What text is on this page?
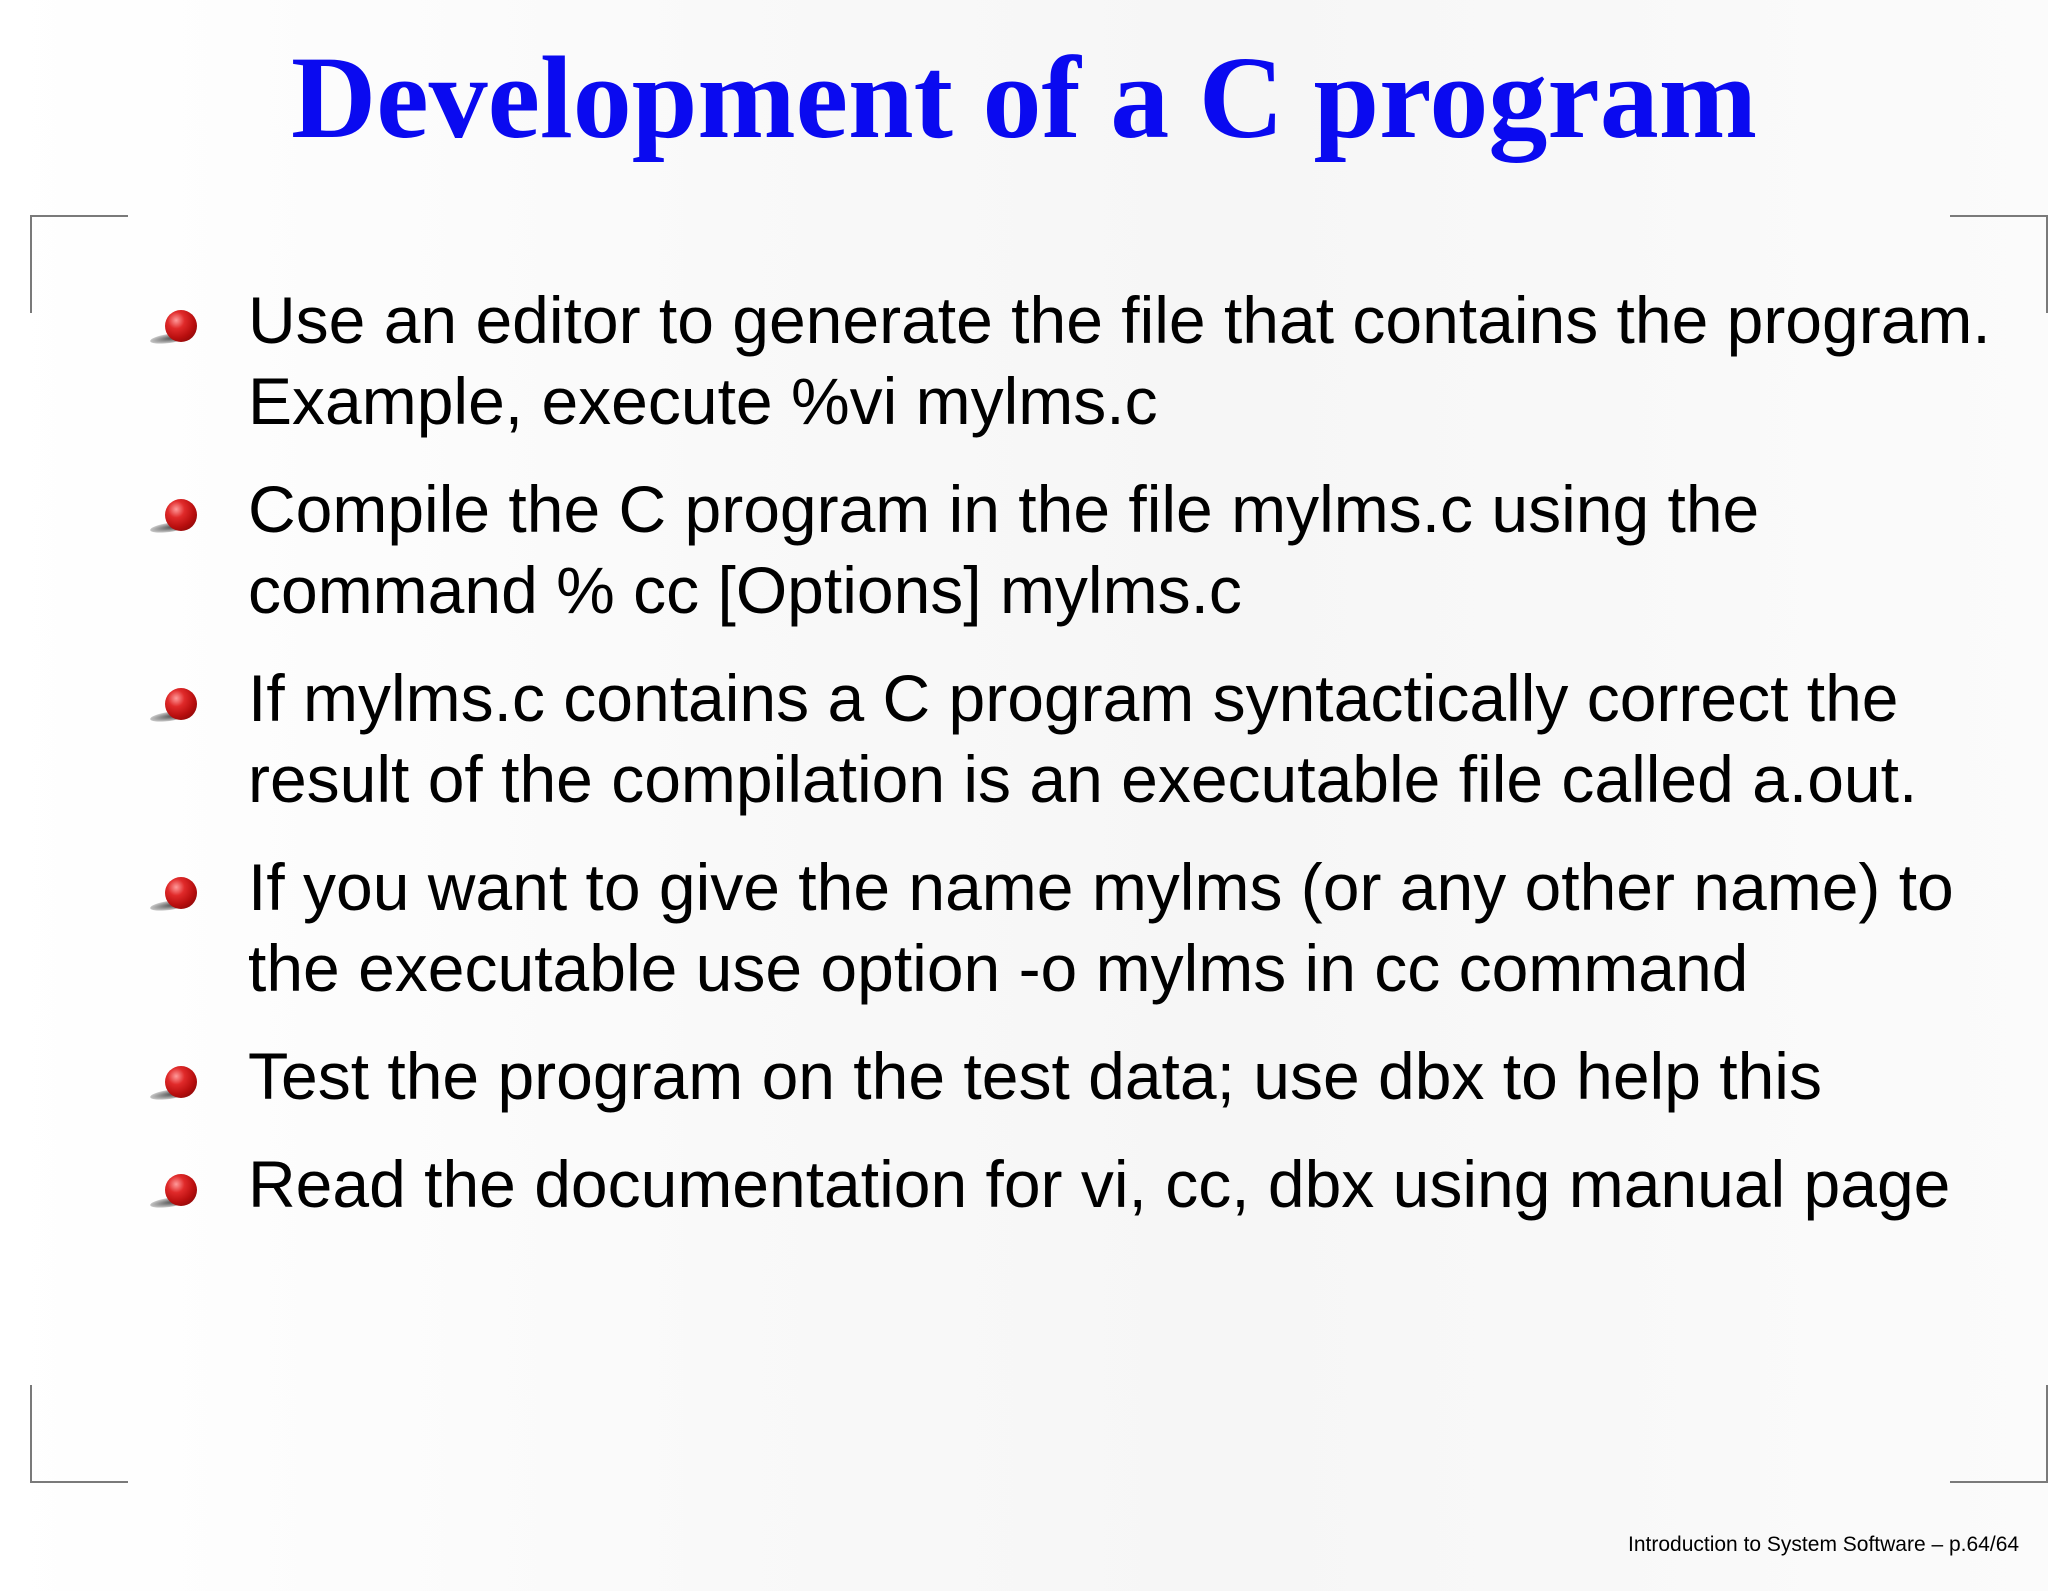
Development of a C program
Use an editor to generate the file that contains the program. Example, execute %vi mylms.c
Compile the C program in the file mylms.c using the command % cc [Options] mylms.c
If mylms.c contains a C program syntactically correct the result of the compilation is an executable file called a.out.
If you want to give the name mylms (or any other name) to the executable use option -o mylms in cc command
Test the program on the test data; use dbx to help this
Read the documentation for vi, cc, dbx using manual page
Introduction to System Software – p.64/64
